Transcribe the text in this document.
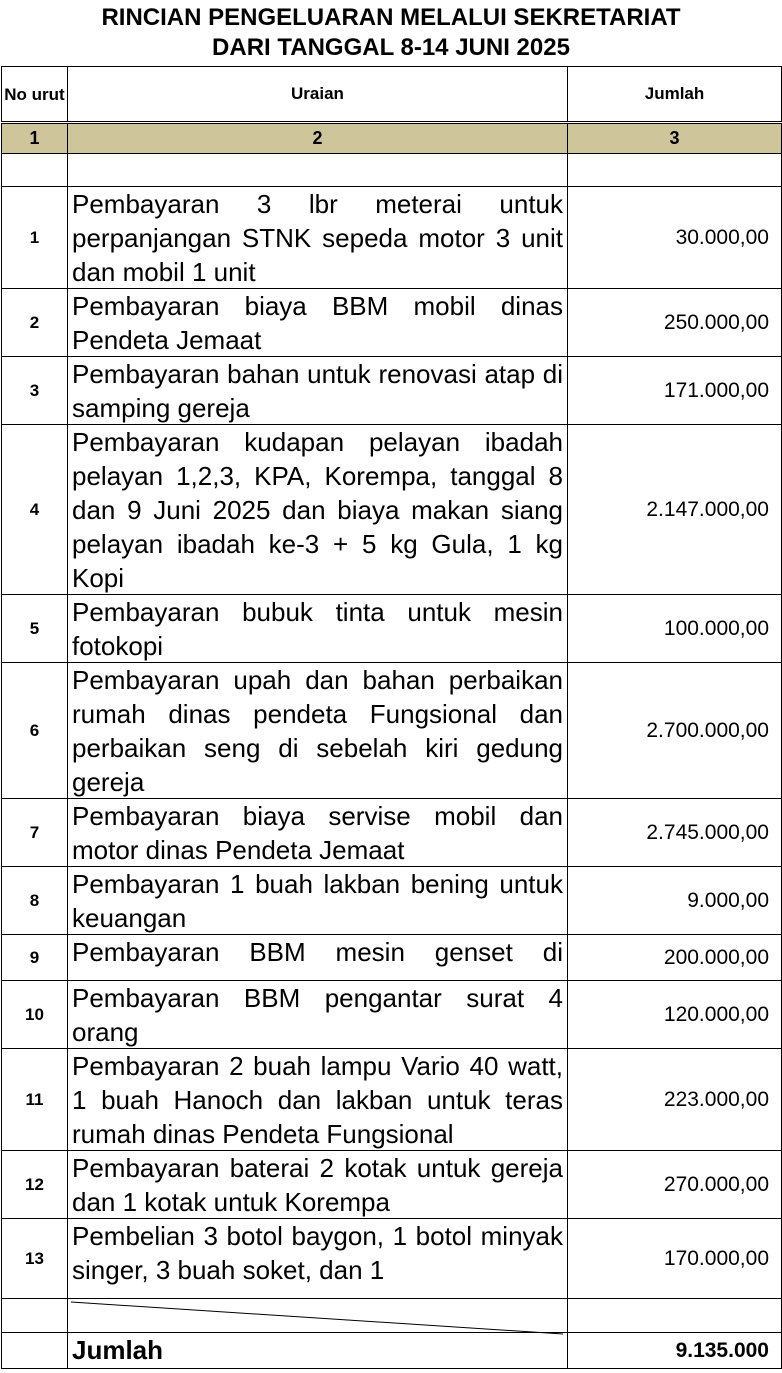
RINCIAN PENGELUARAN MELALUI SEKRETARIAT
DARI TANGGAL 8-14 JUNI 2025
No urut	Uraian	Jumlah
1	2	3

1	Pembayaran 3 lbr meterai untuk perpanjangan STNK sepeda motor 3 unit dan mobil 1 unit	30.000,00
2	Pembayaran biaya BBM mobil dinas Pendeta Jemaat	250.000,00
3	Pembayaran bahan untuk renovasi atap di samping gereja	171.000,00
4	Pembayaran kudapan pelayan ibadah pelayan 1,2,3, KPA, Korempa, tanggal 8 dan 9 Juni 2025 dan biaya makan siang pelayan ibadah ke-3 + 5 kg Gula, 1 kg Kopi	2.147.000,00
5	Pembayaran bubuk tinta untuk mesin fotokopi	100.000,00
6	Pembayaran upah dan bahan perbaikan rumah dinas pendeta Fungsional dan perbaikan seng di sebelah kiri gedung gereja	2.700.000,00
7	Pembayaran biaya servise mobil dan motor dinas Pendeta Jemaat	2.745.000,00
8	Pembayaran 1 buah lakban bening untuk keuangan	9.000,00
9	Pembayaran BBM mesin genset di	200.000,00
10	Pembayaran BBM pengantar surat 4 orang	120.000,00
11	Pembayaran 2 buah lampu Vario 40 watt, 1 buah Hanoch dan lakban untuk teras rumah dinas Pendeta Fungsional	223.000,00
12	Pembayaran baterai 2 kotak untuk gereja dan 1 kotak untuk Korempa	270.000,00
13	Pembelian 3 botol baygon, 1 botol minyak singer, 3 buah soket, dan 1	170.000,00

	Jumlah	9.135.000
